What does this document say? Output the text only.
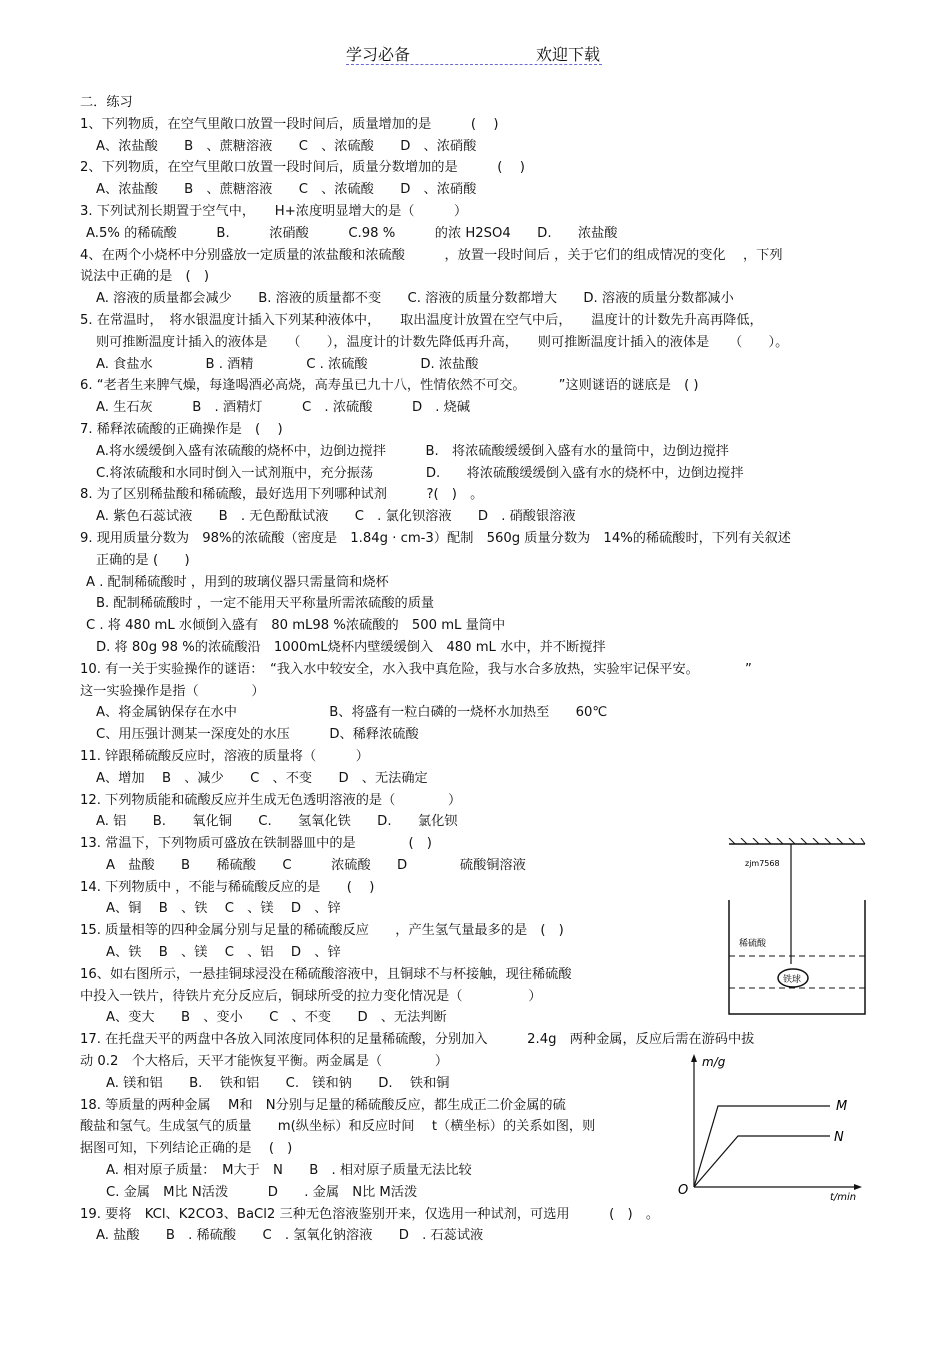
学习必备	欢迎下载
二．练习
1、下列物质，在空气里敞口放置一段时间后，质量增加的是　　　(　 )
A、浓盐酸　　B　、蔗糖溶液　　C　、浓硫酸　　D　、浓硝酸
2、下列物质，在空气里敞口放置一段时间后，质量分数增加的是　　　(　 )
A、浓盐酸　　B　、蔗糖溶液　　C　、浓硫酸　　D　、浓硝酸
3. 下列试剂长期置于空气中，　　H+浓度明显增大的是（　　　）
A.5% 的稀硫酸　　　B.　　　浓硝酸　　　C.98 %　　　的浓 H2SO4　　D.　　浓盐酸
4、在两个小烧杯中分别盛放一定质量的浓盐酸和浓硫酸　　　，放置一段时间后 ，关于它们的组成情况的变化　 ，下列
说法中正确的是　(　)
A. 溶液的质量都会减少　　B. 溶液的质量都不变　　C. 溶液的质量分数都增大　　D. 溶液的质量分数都减小
5. 在常温时，　将水银温度计插入下列某种液体中，　　取出温度计放置在空气中后，　　温度计的计数先升高再降低，
则可推断温度计插入的液体是　　（　　），温度计的计数先降低再升高，　　则可推断温度计插入的液体是　　（　　）。
A. 食盐水　　　　B . 酒精　　　　C . 浓硫酸　　　　D. 浓盐酸
6. “老者生来脾气燥，每逢喝酒必高烧，高寿虽已九十八，性情依然不可交。　　　”这则谜语的谜底是　( )
A. 生石灰　　　B　. 酒精灯　　　C　. 浓硫酸　　　D　. 烧碱
7. 稀释浓硫酸的正确操作是　(　 )
A.将水缓缓倒入盛有浓硫酸的烧杯中，边倒边搅拌　　　B.　将浓硫酸缓缓倒入盛有水的量筒中，边倒边搅拌
C.将浓硫酸和水同时倒入一试剂瓶中，充分振荡　　　　D.　　将浓硫酸缓缓倒入盛有水的烧杯中，边倒边搅拌
8. 为了区别稀盐酸和稀硫酸，最好选用下列哪种试剂　　　?(　)　。
A. 紫色石蕊试液　　B　. 无色酚酞试液　　C　. 氯化钡溶液　　D　. 硝酸银溶液
9. 现用质量分数为　98%的浓硫酸（密度是　1.84g · cm-3）配制　560g 质量分数为　14%的稀硫酸时，下列有关叙述
正确的是 (　　)
A . 配制稀硫酸时 ，用到的玻璃仪器只需量筒和烧杯
B. 配制稀硫酸时 ，一定不能用天平称量所需浓硫酸的质量
C . 将 480 mL 水倾倒入盛有　80 mL98 %浓硫酸的　500 mL 量筒中
D. 将 80g 98 %的浓硫酸沿　1000mL烧杯内壁缓缓倒入　480 mL 水中，并不断搅拌
10. 有一关于实验操作的谜语：　“我入水中较安全，水入我中真危险，我与水合多放热，实验牢记保平安。　　　　”
这一实验操作是指（　　　　）
A、将金属钠保存在水中　　　　　　　B、将盛有一粒白磷的一烧杯水加热至　　60℃
C、用压强计测某一深度处的水压　　　D、稀释浓硫酸
11. 锌跟稀硫酸反应时，溶液的质量将（　　　）
A、增加　 B　、减少　　C　、不变　　D　、无法确定
12. 下列物质能和硫酸反应并生成无色透明溶液的是（　　　　）
A. 铝　　B.　　氧化铜　　C.　　氢氧化铁　　D.　　氯化钡
13. 常温下，下列物质可盛放在铁制器皿中的是　　　　(　)
A　盐酸　　B　　稀硫酸　　C　　　浓硫酸　　D　　　　硫酸铜溶液
14. 下列物质中 ，不能与稀硫酸反应的是　　(　 )
A、铜　 B　、铁　 C　、镁　 D　、锌
15. 质量相等的四种金属分别与足量的稀硫酸反应　　，产生氢气量最多的是　(　)
A、铁　 B　、镁　 C　、铝　 D　、锌
16、如右图所示，一悬挂铜球浸没在稀硫酸溶液中，且铜球不与杯接触，现往稀硫酸
中投入一铁片，待铁片充分反应后，铜球所受的拉力变化情况是（　　　　　）
A、变大　　B　、变小　　C　、不变　　D　、无法判断
17. 在托盘天平的两盘中各放入同浓度同体积的足量稀硫酸，分别加入　　　2.4g　两种金属，反应后需在游码中拔
动 0.2　个大格后，天平才能恢复平衡。两金属是（　　　　）
A. 镁和铝　　B.　 铁和铝　　C.　镁和钠　　D.　 铁和铜
18. 等质量的两种金属　 M和　N分别与足量的稀硫酸反应，都生成正二价金属的硫
酸盐和氢气。生成氢气的质量　　m(纵坐标）和反应时间　 t（横坐标）的关系如图，则
据图可知，下列结论正确的是　 (　)
A. 相对原子质量：　M大于　N　　B　. 相对原子质量无法比较
C. 金属　M比 N活泼　　　D　　. 金属　N比 M活泼
19. 要将　KCl、K2CO3、BaCl2 三种无色溶液鉴别开来，仅选用一种试剂，可选用　　　(　)　。
A. 盐酸　　B　. 稀硫酸　　C　. 氢氧化钠溶液　　D　. 石蕊试液
zjm7568
稀硫酸
铁球
m/g
t/min
O
M
N
